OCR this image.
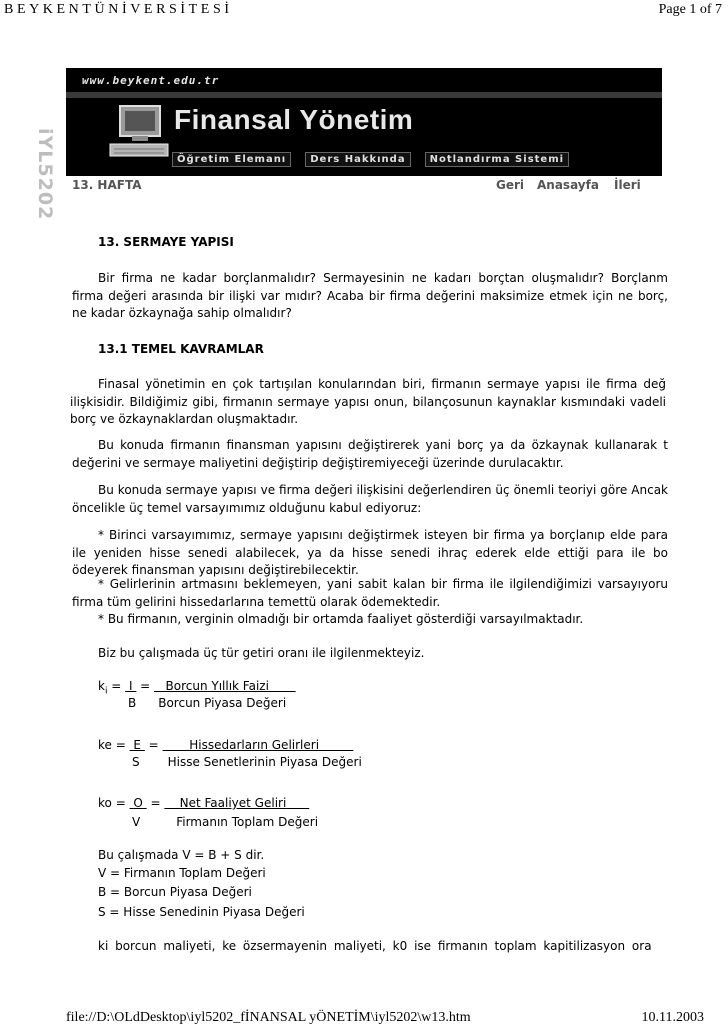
BEYKENTÜNİVERSİTESİ	Page 1 of 7
www.beykent.edu.tr
iYL5202
Finansal Yönetim
Öğretim Elemanı	Ders Hakkında	Notlandırma Sistemi
13. HAFTA	Geri Anasayfa İleri

13. SERMAYE YAPISI

Bir firma ne kadar borçlanmalıdır? Sermayesinin ne kadarı borçtan oluşmalıdır? Borçlanm firma değeri arasında bir ilişki var mıdır? Acaba bir firma değerini maksimize etmek için ne borç, ne kadar özkaynağa sahip olmalıdır?

13.1 TEMEL KAVRAMLAR

Finasal yönetimin en çok tartışılan konularından biri, firmanın sermaye yapısı ile firma değ ilişkisidir. Bildiğimiz gibi, firmanın sermaye yapısı onun, bilançosunun kaynaklar kısmındaki vadeli borç ve özkaynaklardan oluşmaktadır.

Bu konuda firmanın finansman yapısını değiştirerek yani borç ya da özkaynak kullanarak t değerini ve sermaye maliyetini değiştirip değiştiremiyeceği üzerinde durulacaktır.

Bu konuda sermaye yapısı ve firma değeri ilişkisini değerlendiren üç önemli teoriyi göre Ancak öncelikle üç temel varsayımımız olduğunu kabul ediyoruz:

* Birinci varsayımımız, sermaye yapısını değiştirmek isteyen bir firma ya borçlanıp elde para ile yeniden hisse senedi alabilecek, ya da hisse senedi ihraç ederek elde ettiği para ile bo ödeyerek finansman yapısını değiştirebilecektir.

* Gelirlerinin artmasını beklemeyen, yani sabit kalan bir firma ile ilgilendiğimizi varsayıyoru firma tüm gelirini hissedarlarına temettü olarak ödemektedir.

* Bu firmanın, verginin olmadığı bir ortamda faaliyet gösterdiği varsayılmaktadır.

Biz bu çalışmada üç tür getiri oranı ile ilgilenmekteyiz.

$k_i = I$  =    Borcun Yıllık Faizi
B Borcun Piyasa Değeri
ke =  E  =        Hissedarların Gelirleri
S Hisse Senetlerinin Piyasa Değeri
ko =  O  =     Net Faaliyet Geliri
V	Firmanın Toplam Değeri

Bu çalışmada V = B + S dir.

V = Firmanın Toplam Değeri

B = Borcun Piyasa Değeri

S = Hisse Senedinin Piyasa Değeri

ki borcun maliyeti, ke özsermayenin maliyeti, k0 ise firmanın toplam kapitilizasyon ora

file://D:\OLdDesktop\iyl5202_fİNANSAL yÖNETİM\iyl5202\w13.htm	10.11.2003
